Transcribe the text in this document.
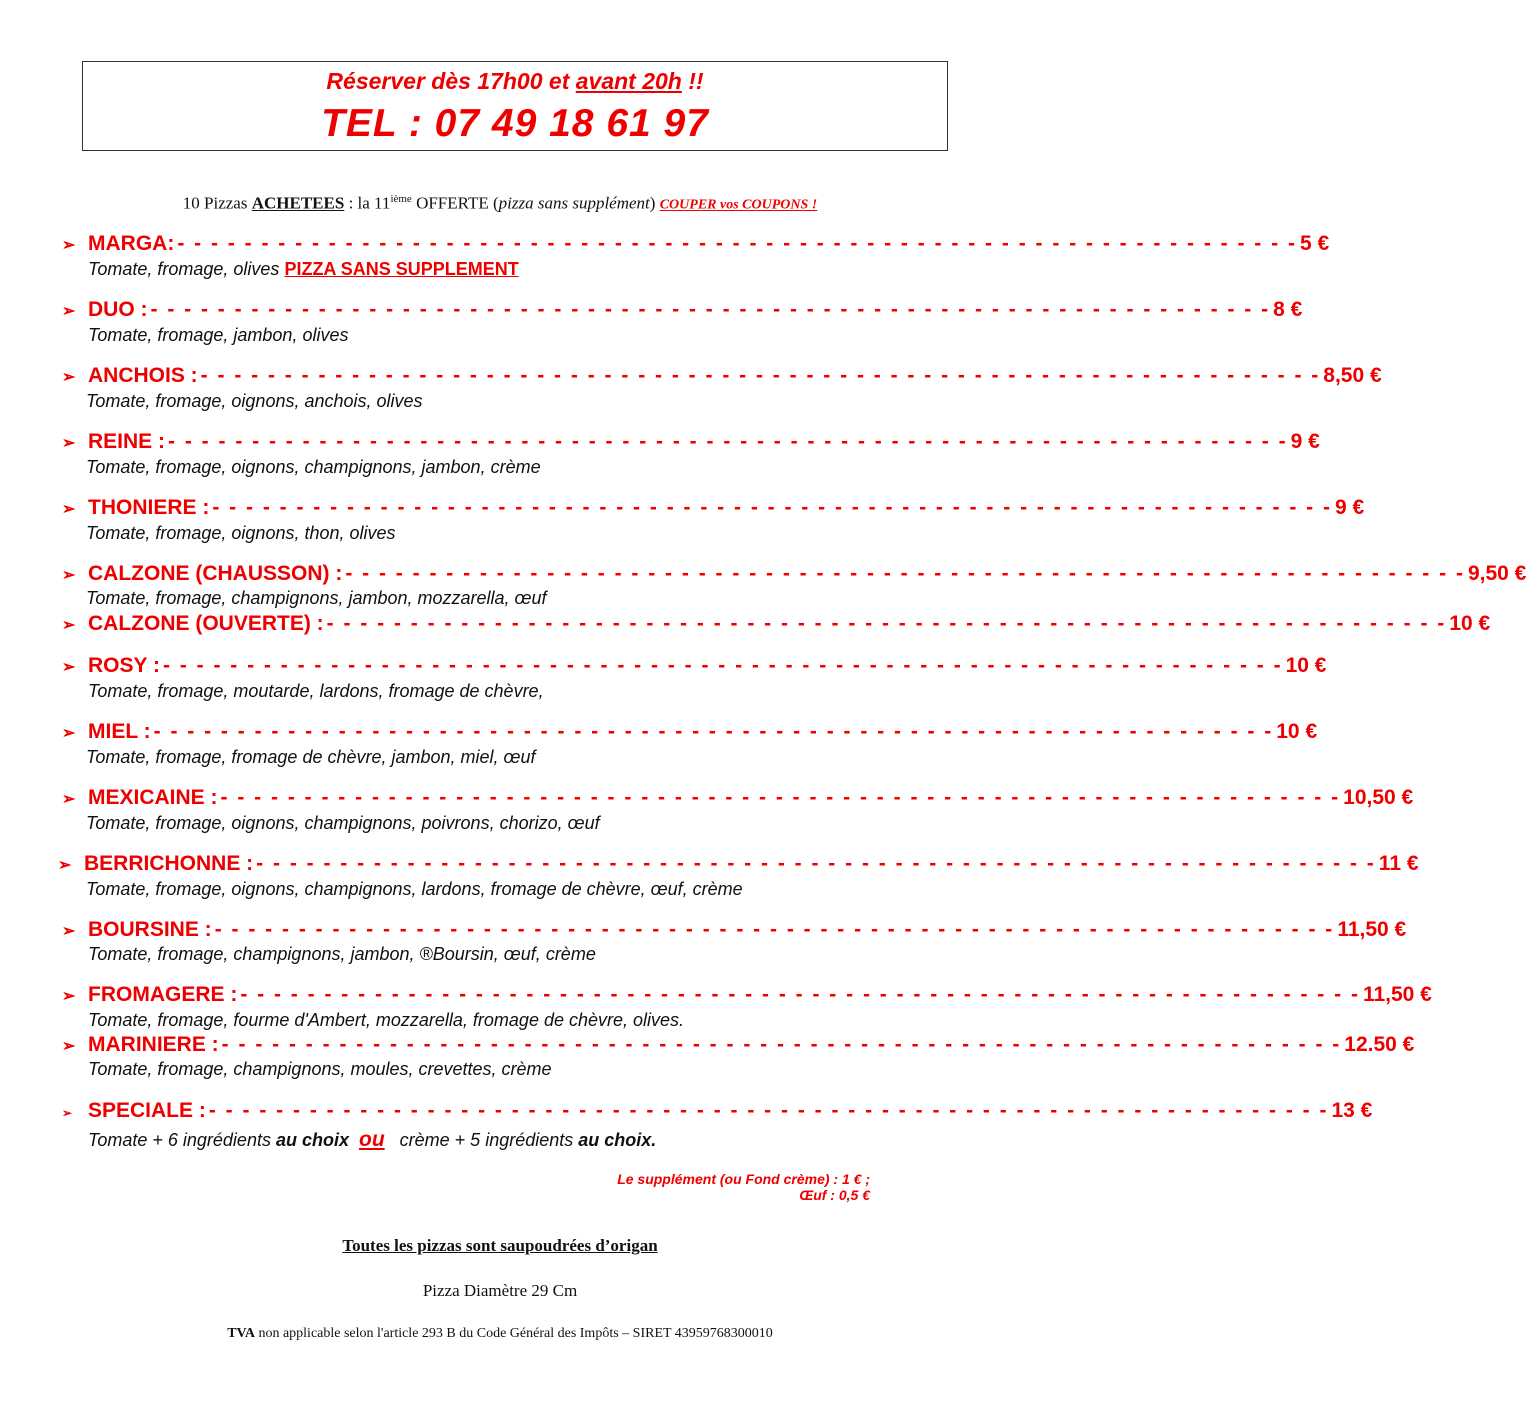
Réserver dès 17h00 et avant 20h !!
TEL : 07 49 18 61 97
10 Pizzas ACHETEES : la 11ième OFFERTE (pizza sans supplément) COUPER vos COUPONS !
➢ MARGA: - - - - - - - - - - - - - - - - - - - - - - - - - - - - - - - - - - - - - - - - - - - - - - - - - - - - - - - - - - - - - - - - - - - 5 €
Tomate, fromage, olives PIZZA SANS SUPPLEMENT
➢ DUO : - - - - - - - - - - - - - - - - - - - - - - - - - - - - - - - - - - - - - - - - - - - - - - - - - - - - - - - - - - - - - - - - - - - 8 €
Tomate, fromage, jambon, olives
➢ ANCHOIS : - - - - - - - - - - - - - - - - - - - - - - - - - - - - - - - - - - - - - - - - - - - - - - - - - - - - - - - - - - - - - - - - - - - 8,50 €
Tomate, fromage, oignons, anchois, olives
➢ REINE : - - - - - - - - - - - - - - - - - - - - - - - - - - - - - - - - - - - - - - - - - - - - - - - - - - - - - - - - - - - - - - - - - - - 9 €
Tomate, fromage, oignons, champignons, jambon, crème
➢ THONIERE : - - - - - - - - - - - - - - - - - - - - - - - - - - - - - - - - - - - - - - - - - - - - - - - - - - - - - - - - - - - - - - - - - - - 9 €
Tomate, fromage, oignons, thon, olives
➢ CALZONE (CHAUSSON) : - - - - - - - - - - - - - - - - - - - - - - - - - - - - - - - - - - - - - - - - - - - - - - - - - - - - - - - - - - - - - - - - - - - 9,50 €
Tomate, fromage, champignons, jambon, mozzarella, œuf
➢ CALZONE (OUVERTE) : - - - - - - - - - - - - - - - - - - - - - - - - - - - - - - - - - - - - - - - - - - - - - - - - - - - - - - - - - - - - - - - - - - - 10 €
➢ ROSY : - - - - - - - - - - - - - - - - - - - - - - - - - - - - - - - - - - - - - - - - - - - - - - - - - - - - - - - - - - - - - - - - - - - 10 €
Tomate, fromage, moutarde, lardons, fromage de chèvre,
➢ MIEL : - - - - - - - - - - - - - - - - - - - - - - - - - - - - - - - - - - - - - - - - - - - - - - - - - - - - - - - - - - - - - - - - - - - 10 €
Tomate, fromage, fromage de chèvre, jambon, miel, œuf
➢ MEXICAINE : - - - - - - - - - - - - - - - - - - - - - - - - - - - - - - - - - - - - - - - - - - - - - - - - - - - - - - - - - - - - - - - - - - - 10,50 €
Tomate, fromage, oignons, champignons, poivrons, chorizo, œuf
➢ BERRICHONNE : - - - - - - - - - - - - - - - - - - - - - - - - - - - - - - - - - - - - - - - - - - - - - - - - - - - - - - - - - - - - - - - - - - - 11 €
Tomate, fromage, oignons, champignons, lardons, fromage de chèvre, œuf, crème
➢ BOURSINE : - - - - - - - - - - - - - - - - - - - - - - - - - - - - - - - - - - - - - - - - - - - - - - - - - - - - - - - - - - - - - - - - - - - 11,50 €
Tomate, fromage, champignons, jambon, ®Boursin, œuf, crème
➢ FROMAGERE : - - - - - - - - - - - - - - - - - - - - - - - - - - - - - - - - - - - - - - - - - - - - - - - - - - - - - - - - - - - - - - - - - - - 11,50 €
Tomate, fromage, fourme d'Ambert, mozzarella, fromage de chèvre, olives.
➢ MARINIERE : - - - - - - - - - - - - - - - - - - - - - - - - - - - - - - - - - - - - - - - - - - - - - - - - - - - - - - - - - - - - - - - - - - - 12.50 €
Tomate, fromage, champignons, moules, crevettes, crème
➢ SPECIALE : - - - - - - - - - - - - - - - - - - - - - - - - - - - - - - - - - - - - - - - - - - - - - - - - - - - - - - - - - - - - - - - - - - - 13 €
Tomate + 6 ingrédients au choix ou crème + 5 ingrédients au choix.
Le supplément (ou Fond crème) : 1 € ;
Œuf : 0,5 €
Toutes les pizzas sont saupoudrées d’origan
Pizza Diamètre 29 Cm
TVA non applicable selon l'article 293 B du Code Général des Impôts – SIRET 43959768300010
